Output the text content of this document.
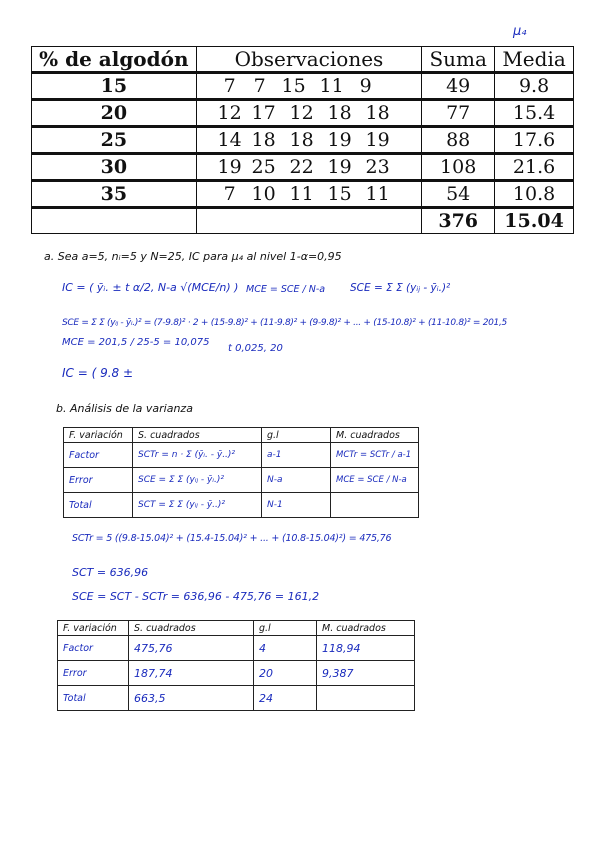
μ₄
% de algodón	Observaciones	Suma	Media
15	7 7 15 11 9	49	9.8
20	12 17 12 18 18	77	15.4
25	14 18 18 19 19	88	17.6
30	19 25 22 19 23	108	21.6
35	7 10 11 15 11	54	10.8
		376	15.04
a. Sea a=5, nᵢ=5 y N=25, IC para μ₄ al nivel 1-α=0,95
IC = ( ȳᵢ. ± t α/2, N-a √(MCE/n) ) MCE = SCE / N-a SCE = Σ Σ (yᵢⱼ - ȳᵢ.)²
SCE = Σ Σ (yᵢⱼ - ȳᵢ.)² = (7-9.8)² · 2 + (15-9.8)² + (11-9.8)² + (9-9.8)² + ... + (15-10.8)² + (11-10.8)² = 201,5
MCE = 201,5 / 25-5 = 10,075
t 0,025, 20
IC = ( 9.8 ±
b. Análisis de la varianza
F. variación	S. cuadrados	g.l	M. cuadrados
Factor	SCTr = n · Σ (ȳᵢ. - ȳ..)²	a-1	MCTr = SCTr / a-1
Error	SCE = Σ Σ (yᵢⱼ - ȳᵢ.)²	N-a	MCE = SCE / N-a
Total	SCT = Σ Σ (yᵢⱼ - ȳ..)²	N-1	
SCTr = 5 ((9.8-15.04)² + (15.4-15.04)² + ... + (10.8-15.04)²) = 475,76
SCT = 636,96
SCE = SCT - SCTr = 636,96 - 475,76 = 161,2
F. variación	S. cuadrados	g.l	M. cuadrados
Factor	475,76	4	118,94
Error	187,74	20	9,387
Total	663,5	24	
